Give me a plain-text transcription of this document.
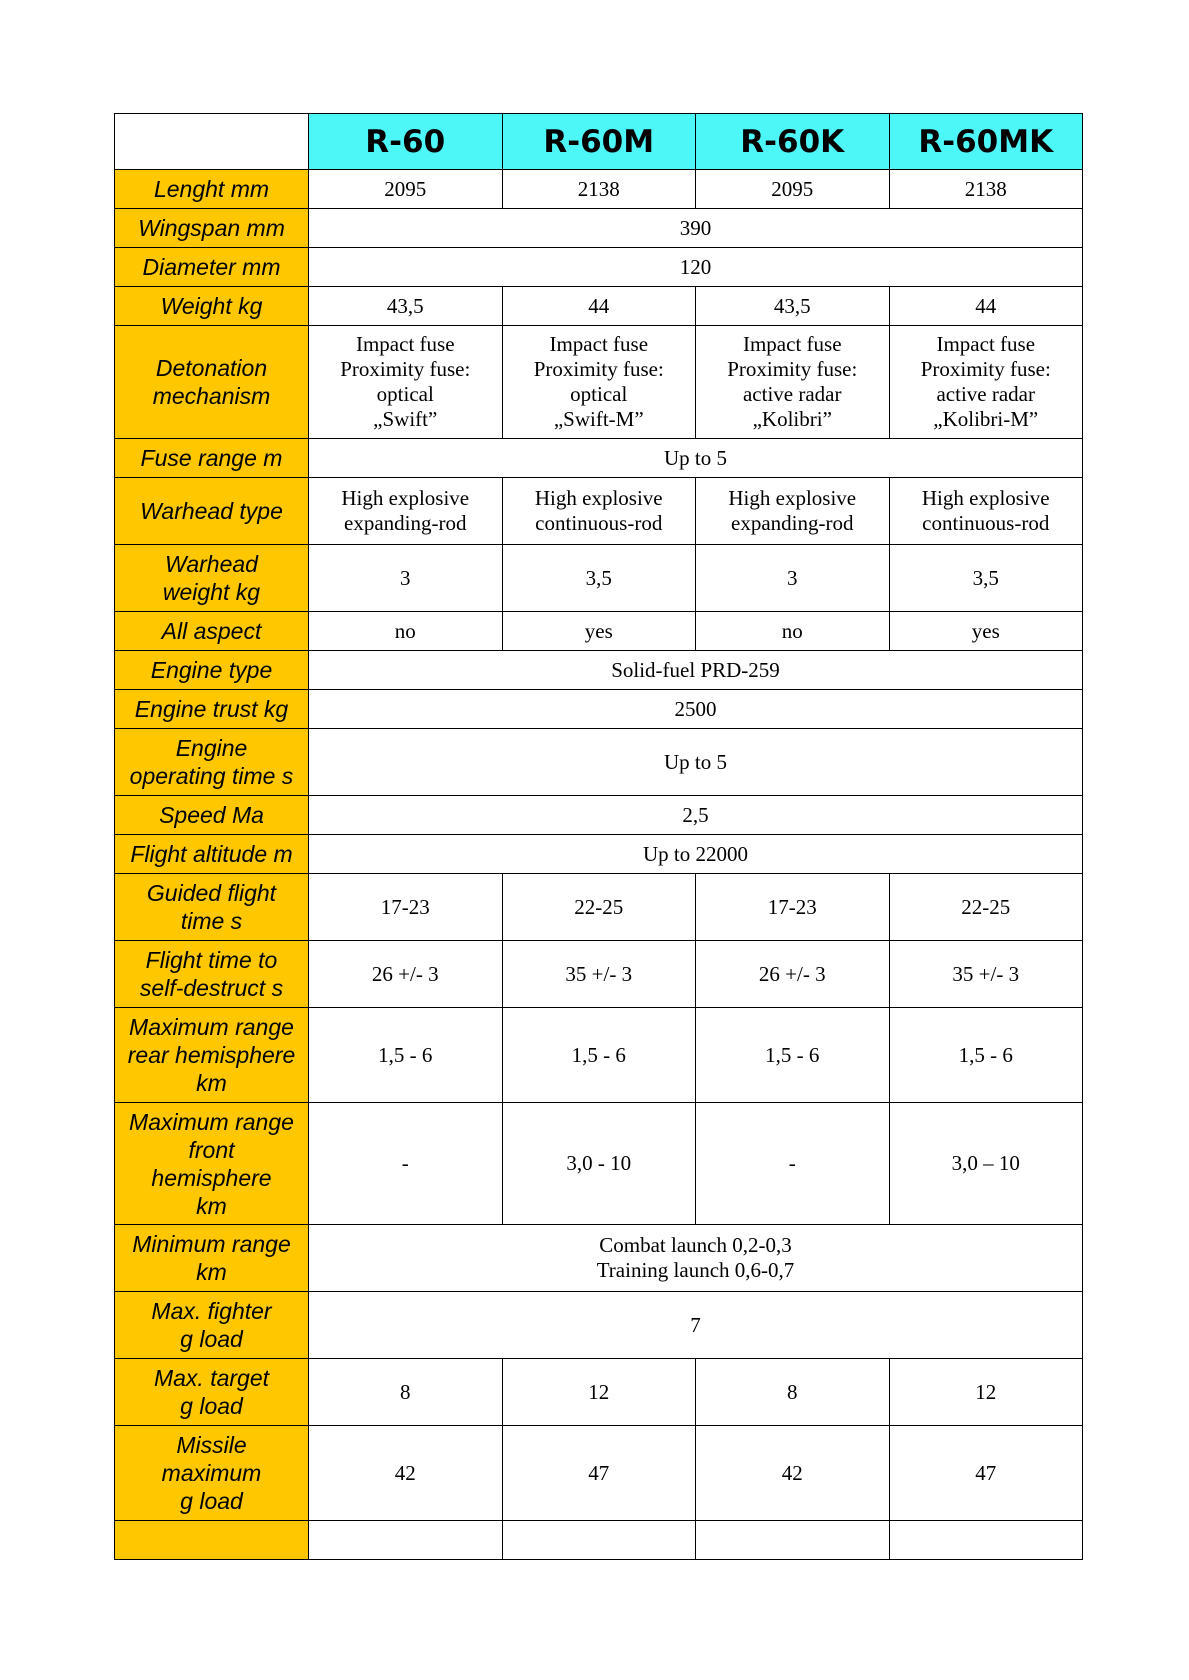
	R-60	R-60M	R-60K	R-60MK
Lenght mm	2095	2138	2095	2138
Wingspan mm	390			
Diameter mm	120			
Weight kg	43,5	44	43,5	44
Detonation
mechanism	Impact fuse
Proximity fuse:
optical
„Swift”	Impact fuse
Proximity fuse:
optical
„Swift-M”	Impact fuse
Proximity fuse:
active radar
„Kolibri”	Impact fuse
Proximity fuse:
active radar
„Kolibri-M”
Fuse range m	Up to 5			
Warhead type	High explosive
expanding-rod	High explosive
continuous-rod	High explosive
expanding-rod	High explosive
continuous-rod
Warhead
weight kg	3	3,5	3	3,5
All aspect	no	yes	no	yes
Engine type	Solid-fuel PRD-259			
Engine trust kg	2500			
Engine
operating time s	Up to 5			
Speed Ma	2,5			
Flight altitude m	Up to 22000			
Guided flight
time s	17-23	22-25	17-23	22-25
Flight time to
self-destruct s	26 +/- 3	35 +/- 3	26 +/- 3	35 +/- 3
Maximum range
rear hemisphere
km	1,5 - 6	1,5 - 6	1,5 - 6	1,5 - 6
Maximum range
front
hemisphere
km	-	3,0 - 10	-	3,0 – 10
Minimum range
km	Combat launch 0,2-0,3
Training launch 0,6-0,7			
Max. fighter
g load	7			
Max. target
g load	8	12	8	12
Missile
maximum
g load	42	47	42	47
